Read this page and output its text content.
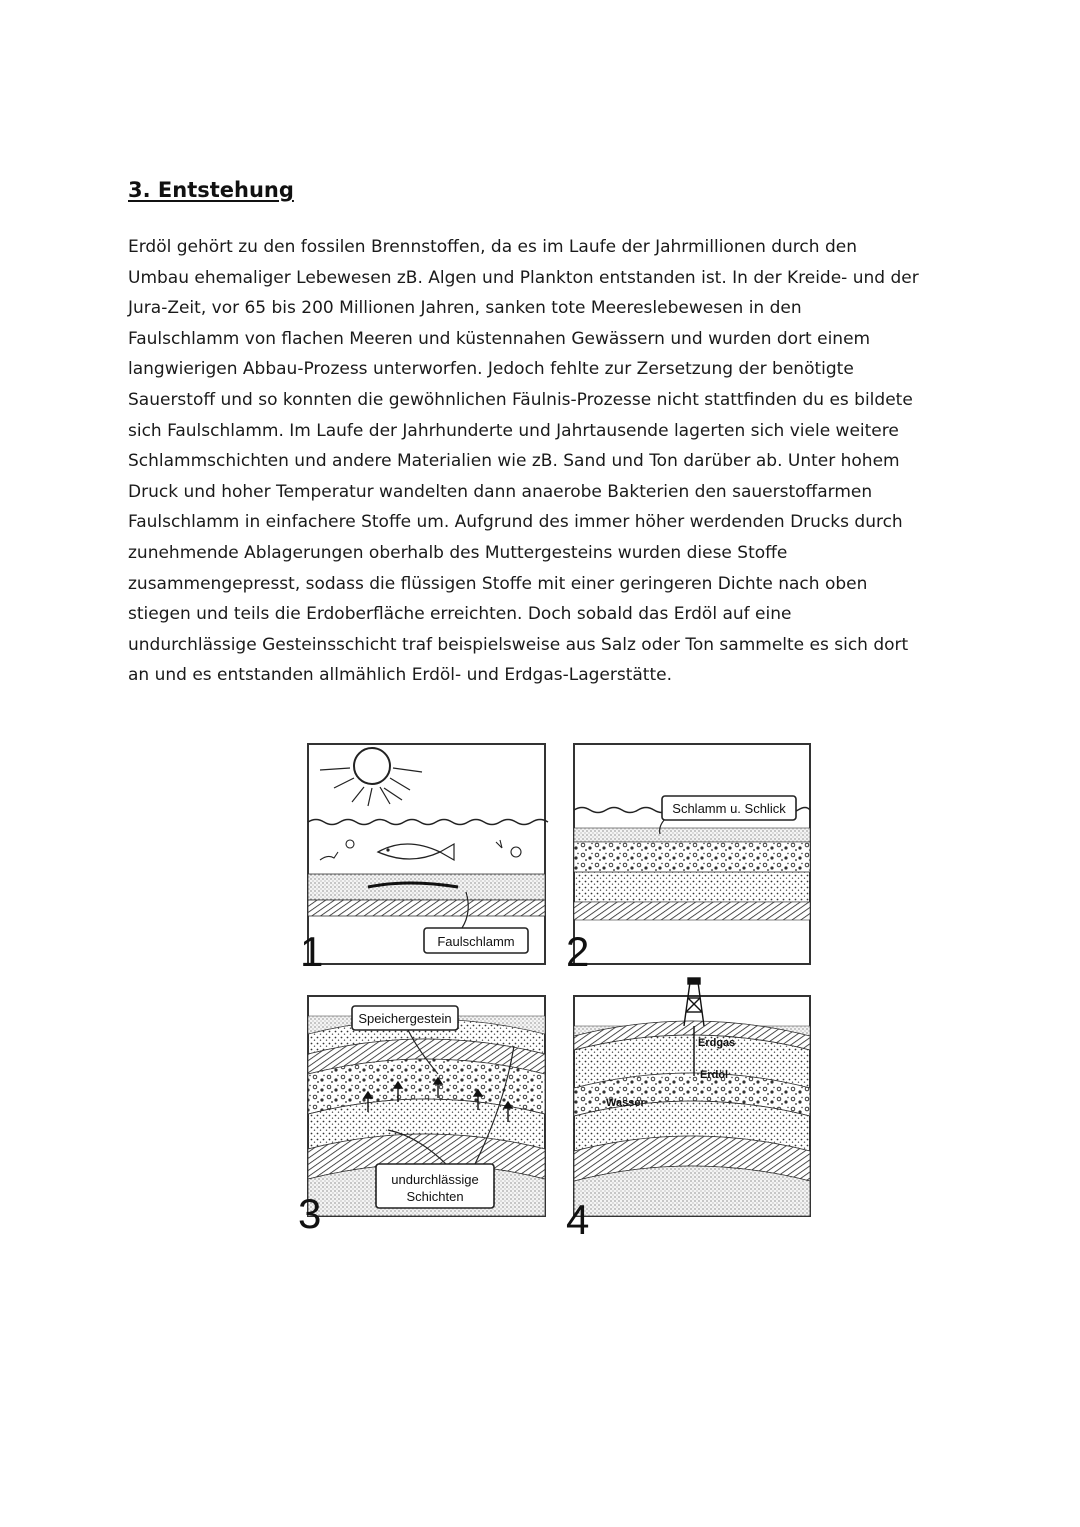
3. Entstehung
Erdöl gehört zu den fossilen Brennstoffen, da es im Laufe der Jahrmillionen durch den
Umbau ehemaliger Lebewesen zB. Algen und Plankton entstanden ist. In der Kreide- und der
Jura-Zeit, vor 65 bis 200 Millionen Jahren, sanken tote Meereslebewesen in den
Faulschlamm von flachen Meeren und küstennahen Gewässern und wurden dort einem
langwierigen Abbau-Prozess unterworfen. Jedoch fehlte zur Zersetzung der benötigte
Sauerstoff und so konnten die gewöhnlichen Fäulnis-Prozesse nicht stattfinden du es bildete
sich Faulschlamm. Im Laufe der Jahrhunderte und Jahrtausende lagerten sich viele weitere
Schlammschichten und andere Materialien wie zB. Sand und Ton darüber ab. Unter hohem
Druck und hoher Temperatur wandelten dann anaerobe Bakterien den sauerstoffarmen
Faulschlamm in einfachere Stoffe um. Aufgrund des immer höher werdenden Drucks durch
zunehmende Ablagerungen oberhalb des Muttergesteins wurden diese Stoffe
zusammengepresst, sodass die flüssigen Stoffe mit einer geringeren Dichte nach oben
stiegen und teils die Erdoberfläche erreichten. Doch sobald das Erdöl auf eine
undurchlässige Gesteinsschicht traf beispielsweise aus Salz oder Ton sammelte es sich dort
an und es entstanden allmählich Erdöl- und Erdgas-Lagerstätte.
Faulschlamm
1
Schlamm u. Schlick
2
Speichergestein
undurchlässige
Schichten
3
Erdgas
Erdöl
Wasser
4
